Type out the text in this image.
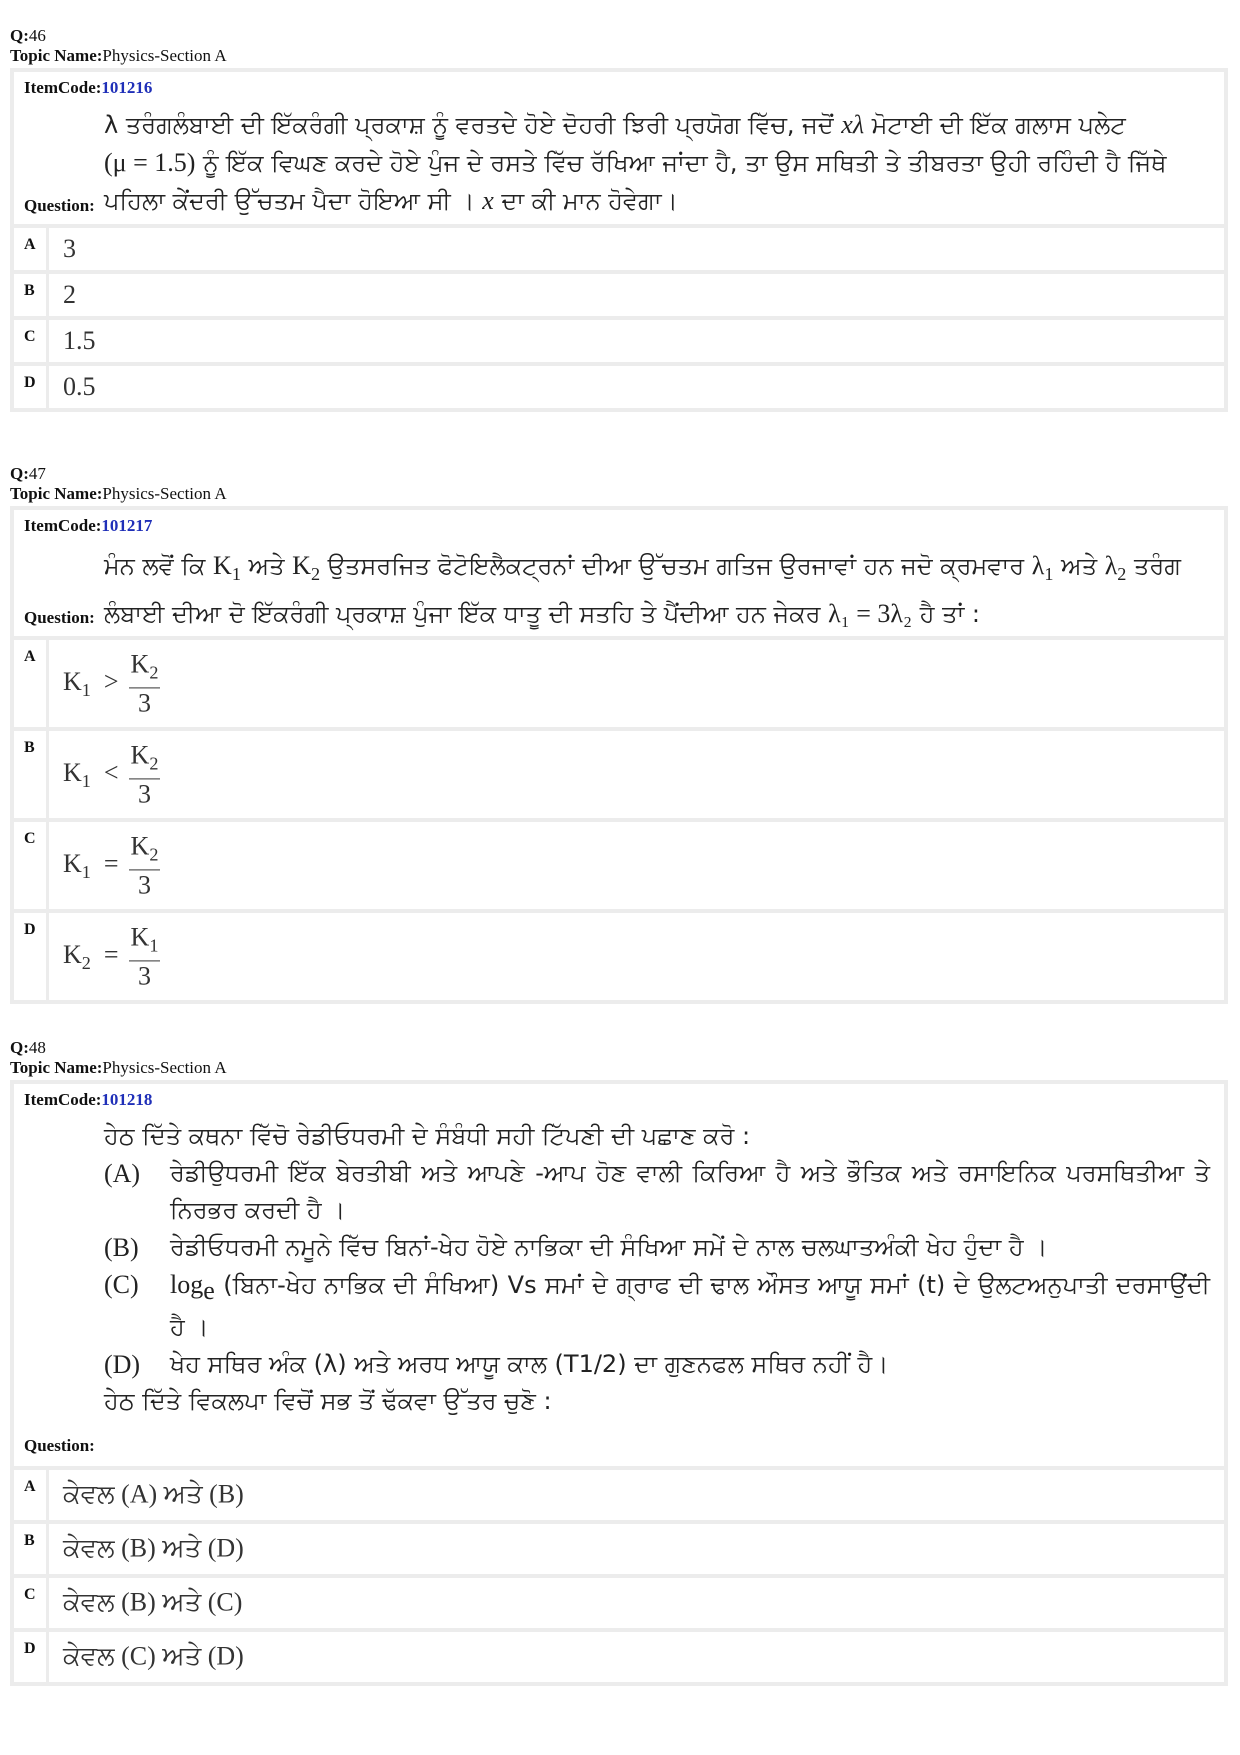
Q:46
Topic Name:Physics-Section A
ItemCode:101216
λ ਤਰੰਗਲੰਬਾਈ ਦੀ ਇੱਕਰੰਗੀ ਪ੍ਰਕਾਸ਼ ਨੂੰ ਵਰਤਦੇ ਹੋਏ ਦੋਹਰੀ ਝਿਰੀ ਪ੍ਰਯੋਗ ਵਿੱਚ, ਜਦੋਂ xλ ਮੋਟਾਈ ਦੀ ਇੱਕ ਗਲਾਸ ਪਲੇਟ
(μ = 1.5) ਨੂੰ ਇੱਕ ਵਿਘਣ ਕਰਦੇ ਹੋਏ ਪੁੰਜ ਦੇ ਰਸਤੇ ਵਿੱਚ ਰੱਖਿਆ ਜਾਂਦਾ ਹੈ, ਤਾ ਉਸ ਸਥਿਤੀ ਤੇ ਤੀਬਰਤਾ ਉਹੀ ਰਹਿੰਦੀ ਹੈ ਜਿੱਥੇ
ਪਹਿਲਾ ਕੇਂਦਰੀ ਉੱਚਤਮ ਪੈਦਾ ਹੋਇਆ ਸੀ । x ਦਾ ਕੀ ਮਾਨ ਹੋਵੇਗਾ।
Question:
A 3
B 2
C 1.5
D 0.5
Q:47
Topic Name:Physics-Section A
ItemCode:101217
ਮੰਨ ਲਵੋਂ ਕਿ $K_1$ ਅਤੇ $K_2$ ਉਤਸਰਜਿਤ ਫੋਟੋਇਲੈਕਟ੍ਰਨਾਂ ਦੀਆ ਉੱਚਤਮ ਗਤਿਜ ਉਰਜਾਵਾਂ ਹਨ ਜਦੋ ਕ੍ਰਮਵਾਰ $\lambda_1$ ਅਤੇ $\lambda_2$ ਤਰੰਗ
ਲੰਬਾਈ ਦੀਆ ਦੋ ਇੱਕਰੰਗੀ ਪ੍ਰਕਾਸ਼ ਪੁੰਜਾ ਇੱਕ ਧਾਤੂ ਦੀ ਸਤਹਿ ਤੇ ਪੈਂਦੀਆ ਹਨ ਜੇਕਰ λ₁ = 3λ₂ ਹੈ ਤਾਂ :
Question:
A
$K_1 > \frac{K_2}{3}$
B
$K_1 < \frac{K_2}{3}$
C
$K_1 = \frac{K_2}{3}$
D
$K_2 = \frac{K_1}{3}$
Q:48
Topic Name:Physics-Section A
ItemCode:101218
ਹੇਠ ਦਿੱਤੇ ਕਥਨਾ ਵਿੱਚੋ ਰੇਡੀਓਧਰਮੀ ਦੇ ਸੰਬੰਧੀ ਸਹੀ ਟਿੱਪਣੀ ਦੀ ਪਛਾਣ ਕਰੋ :
(A) ਰੇਡੀਉਧਰਮੀ ਇੱਕ ਬੇਰਤੀਬੀ ਅਤੇ ਆਪਣੇ -ਆਪ ਹੋਣ ਵਾਲੀ ਕਿਰਿਆ ਹੈ ਅਤੇ ਭੌਤਿਕ ਅਤੇ ਰਸਾਇਨਿਕ ਪਰਸਥਿਤੀਆ ਤੇ ਨਿਰਭਰ ਕਰਦੀ ਹੈ ।
(B) ਰੇਡੀਓਧਰਮੀ ਨਮੂਨੇ ਵਿੱਚ ਬਿਨਾਂ-ਖੇਹ ਹੋਏ ਨਾਭਿਕਾ ਦੀ ਸੰਖਿਆ ਸਮੇਂ ਦੇ ਨਾਲ ਚਲਘਾਤਅੰਕੀ ਖੇਹ ਹੁੰਦਾ ਹੈ ।
(C) $\log_e$ (ਬਿਨਾ-ਖੇਹ ਨਾਭਿਕ ਦੀ ਸੰਖਿਆ) Vs ਸਮਾਂ ਦੇ ਗ੍ਰਾਫ ਦੀ ਢਾਲ ਔਸਤ ਆਯੂ ਸਮਾਂ (t) ਦੇ ਉਲਟਅਨੁਪਾਤੀ ਦਰਸਾਉਂਦੀ ਹੈ ।
(D) ਖੇਹ ਸਥਿਰ ਅੰਕ (λ) ਅਤੇ ਅਰਧ ਆਯੂ ਕਾਲ (T1/2) ਦਾ ਗੁਣਨਫਲ ਸਥਿਰ ਨਹੀਂ ਹੈ।
ਹੇਠ ਦਿੱਤੇ ਵਿਕਲਪਾ ਵਿਚੋਂ ਸਭ ਤੋਂ ਢੱਕਵਾ ਉੱਤਰ ਚੁਣੋ :
Question:
A ਕੇਵਲ (A) ਅਤੇ (B)
B ਕੇਵਲ (B) ਅਤੇ (D)
C ਕੇਵਲ (B) ਅਤੇ (C)
D ਕੇਵਲ (C) ਅਤੇ (D)
